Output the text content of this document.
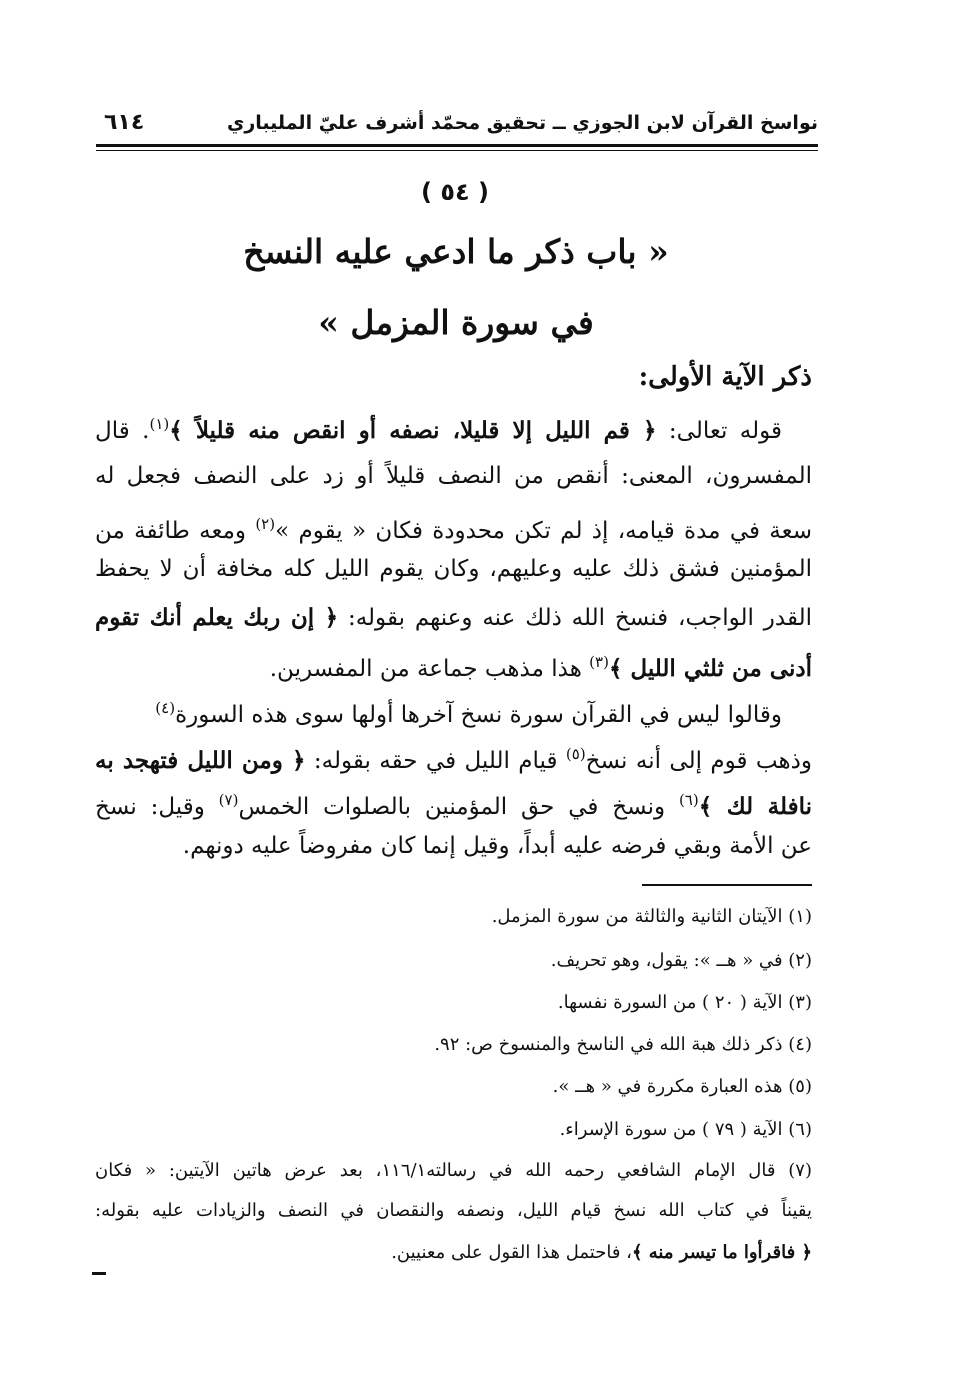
نواسخ القرآن لابن الجوزي ــ تحقيق محمّد أشرف عليّ المليباري
٦١٤
( ٥٤ )
« باب ذكر ما ادعي عليه النسخ
في سورة المزمل »
ذكر الآية الأولى:
قوله تعالى: ﴿ قم الليل إلا قليلا، نصفه أو انقص منه قليلاً ﴾$^{(١)}$. قال
المفسرون، المعنى: أنقص من النصف قليلاً أو زد على النصف فجعل له
سعة في مدة قيامه، إذ لم تكن محدودة فكان « يقوم »$^{(٢)}$ ومعه طائفة من
المؤمنين فشق ذلك عليه وعليهم، وكان يقوم الليل كله مخافة أن لا يحفظ
القدر الواجب، فنسخ الله ذلك عنه وعنهم بقوله: ﴿ إن ربك يعلم أنك تقوم
أدنى من ثلثي الليل ﴾$^{(٣)}$ هذا مذهب جماعة من المفسرين.
وقالوا ليس في القرآن سورة نسخ آخرها أولها سوى هذه السورة$^{(٤)}$
وذهب قوم إلى أنه نسخ$^{(٥)}$ قيام الليل في حقه بقوله: ﴿ ومن الليل فتهجد به
نافلة لك ﴾$^{(٦)}$ ونسخ في حق المؤمنين بالصلوات الخمس$^{(٧)}$ وقيل: نسخ
عن الأمة وبقي فرضه عليه أبداً، وقيل إنما كان مفروضاً عليه دونهم.
(١) الآيتان الثانية والثالثة من سورة المزمل.
(٢) في « هــ »: يقول، وهو تحريف.
(٣) الآية ( ٢٠ ) من السورة نفسها.
(٤) ذكر ذلك هبة الله في الناسخ والمنسوخ ص: ٩٢.
(٥) هذه العبارة مكررة في « هــ ».
(٦) الآية ( ٧٩ ) من سورة الإسراء.
(٧) قال الإمام الشافعي رحمه الله في رسالته١١٦/١، بعد عرض هاتين الآيتين: « فكان
يقيناً في كتاب الله نسخ قيام الليل، ونصفه والنقصان في النصف والزيادات عليه بقوله:
﴿ فاقرأوا ما تيسر منه ﴾، فاحتمل هذا القول على معنيين.
